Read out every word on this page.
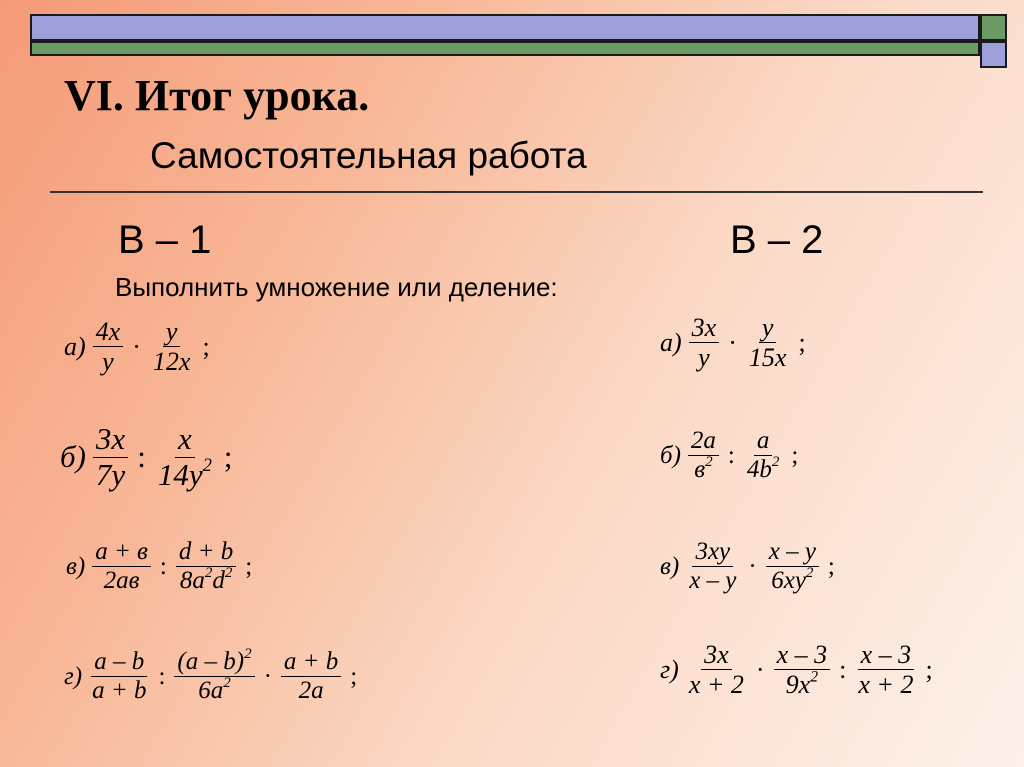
VI. Итог урока.
Самостоятельная работа
В – 1	В – 2
Выполнить умножение или деление:
$а) \frac{4x}{y} \cdot \frac{y}{12x}$ ;
$б) \frac{3x}{7y}$ : $\frac{x}{14y^2}$ ;
$в) \frac{a + в}{2aв}$ : $\frac{d + b}{8a^2d^2}$ ;
$г) \frac{a - b}{a + b}$ : $\frac{(a - b)^2}{6a^2} \cdot \frac{a + b}{2a}$ ;
$а) \frac{3x}{y} \cdot \frac{y}{15x}$ ;
$б) \frac{2a}{в^2}$ : $\frac{a}{4b^2}$ ;
$в) \frac{3xy}{x - y} \cdot \frac{x - y}{6xy^2}$ ;
$г) \frac{3x}{x + 2} \cdot \frac{x - 3}{9x^2}$ : $\frac{x - 3}{x + 2}$ ;
